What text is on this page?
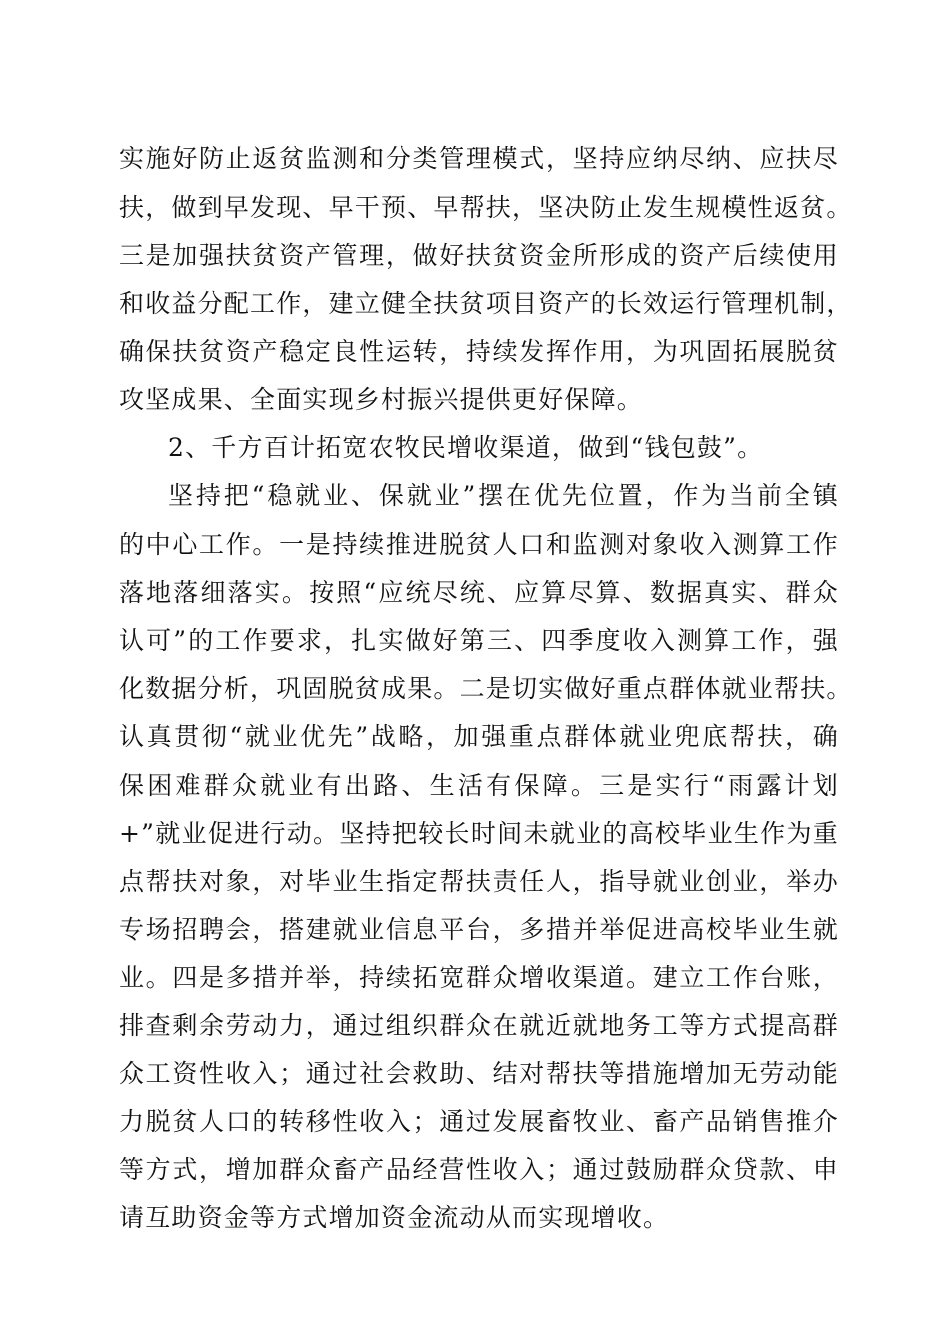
实施好防止返贫监测和分类管理模式，坚持应纳尽纳、应扶尽
扶，做到早发现、早干预、早帮扶，坚决防止发生规模性返贫。
三是加强扶贫资产管理，做好扶贫资金所形成的资产后续使用
和收益分配工作，建立健全扶贫项目资产的长效运行管理机制，
确保扶贫资产稳定良性运转，持续发挥作用，为巩固拓展脱贫
攻坚成果、全面实现乡村振兴提供更好保障。
2、千方百计拓宽农牧民增收渠道，做到“钱包鼓”。
坚持把“稳就业、保就业”摆在优先位置，作为当前全镇
的中心工作。一是持续推进脱贫人口和监测对象收入测算工作
落地落细落实。按照“应统尽统、应算尽算、数据真实、群众
认可”的工作要求，扎实做好第三、四季度收入测算工作，强
化数据分析，巩固脱贫成果。二是切实做好重点群体就业帮扶。
认真贯彻“就业优先”战略，加强重点群体就业兜底帮扶，确
保困难群众就业有出路、生活有保障。三是实行“雨露计划
+”就业促进行动。坚持把较长时间未就业的高校毕业生作为重
点帮扶对象，对毕业生指定帮扶责任人，指导就业创业，举办
专场招聘会，搭建就业信息平台，多措并举促进高校毕业生就
业。四是多措并举，持续拓宽群众增收渠道。建立工作台账，
排查剩余劳动力，通过组织群众在就近就地务工等方式提高群
众工资性收入；通过社会救助、结对帮扶等措施增加无劳动能
力脱贫人口的转移性收入；通过发展畜牧业、畜产品销售推介
等方式，增加群众畜产品经营性收入；通过鼓励群众贷款、申
请互助资金等方式增加资金流动从而实现增收。
